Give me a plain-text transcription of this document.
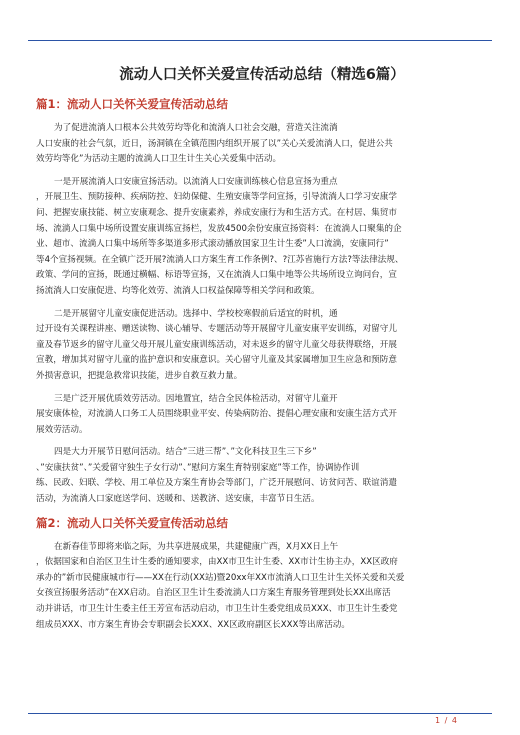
流动人口关怀关爱宣传活动总结（精选6篇）
篇1：流动人口关怀关爱宣传活动总结
为了促进流淌人口根本公共效劳均等化和流淌人口社会交融，营造关注流淌
人口安康的社会气氛，近日，汤洞镇在全镇范围内组织开展了以”关心关爱流淌人口，促进公共
效劳均等化”为活动主题的流淌人口卫生计生关心关爱集中活动。
一是开展流淌人口安康宣扬活动。以流淌人口安康训练核心信息宣扬为重点
，开展卫生、预防接种、疾病防控、妇幼保健、生殖安康等学问宣扬，引导流淌人口学习安康学
问、把握安康技能、树立安康观念、提升安康素养，养成安康行为和生活方式。在村居、集贸市
场、流淌人口集中场所设置安康训练宣扬栏，发放4500余份安康宣扬资料：在流淌人口聚集的企
业、超市、流淌人口集中场所等多渠道多形式滚动播放国家卫生计生委”人口流淌，安康同行”
等4个宣扬视频。在全镇广泛开展?流淌人口方案生育工作条例?、?江苏省施行方法?等法律法规、
政策、学问的宣扬，既通过横幅、标语等宣扬，又在流淌人口集中地等公共场所设立询问台，宣
扬流淌人口安康促进、均等化效劳、流淌人口权益保障等相关学问和政策。
二是开展留守儿童安康促进活动。选择中、学校校寒假前后适宜的时机，通
过开设有关课程讲座、赠送读物、谈心辅导、专题活动等开展留守儿童安康平安训练，对留守儿
童及春节返乡的留守儿童父母开展儿童安康训练活动，对未返乡的留守儿童父母获得联络，开展
宣教，增加其对留守儿童的监护意识和安康意识。关心留守儿童及其家属增加卫生应急和预防意
外损害意识，把提急救常识技能，进步自救互救力量。
三是广泛开展优质效劳活动。因地置宜，结合全民体检活动，对留守儿童开
展安康体检，对流淌人口务工人员围绕职业平安、传染病防治、提倡心理安康和安康生活方式开
展效劳活动。
四是大力开展节日慰问活动。结合”三进三帮”、”文化科技卫生三下乡”
、”安康扶贫”、”关爱留守独生子女行动”、”慰问方案生育特别家庭”等工作，协调协作训
练、民政、妇联、学校、用工单位及方案生育协会等部门，广泛开展慰问、访贫问苦、联谊消遣
活动，为流淌人口家庭送学问、送暖和、送教济、送安康，丰富节日生活。
篇2：流动人口关怀关爱宣传活动总结
在新春佳节即将来临之际，为共享进展成果，共建健康广西，X月XX日上午
，依据国家和自治区卫生计生委的通知要求，由XX市卫生计生委、XX市计生协主办，XX区政府
承办的”新市民健康城市行——XX在行动(XX站)暨20xx年XX市流淌人口卫生计生关怀关爱和关爱
女孩宣扬服务活动”在XX启动。自治区卫生计生委流淌人口方案生育服务管理到处长XX出席活
动并讲话，市卫生计生委主任王芳宣布活动启动，市卫生计生委党组成员XXX、市卫生计生委党
组成员XXX、市方案生育协会专职副会长XXX、XX区政府副区长XXX等出席活动。
1 / 4
